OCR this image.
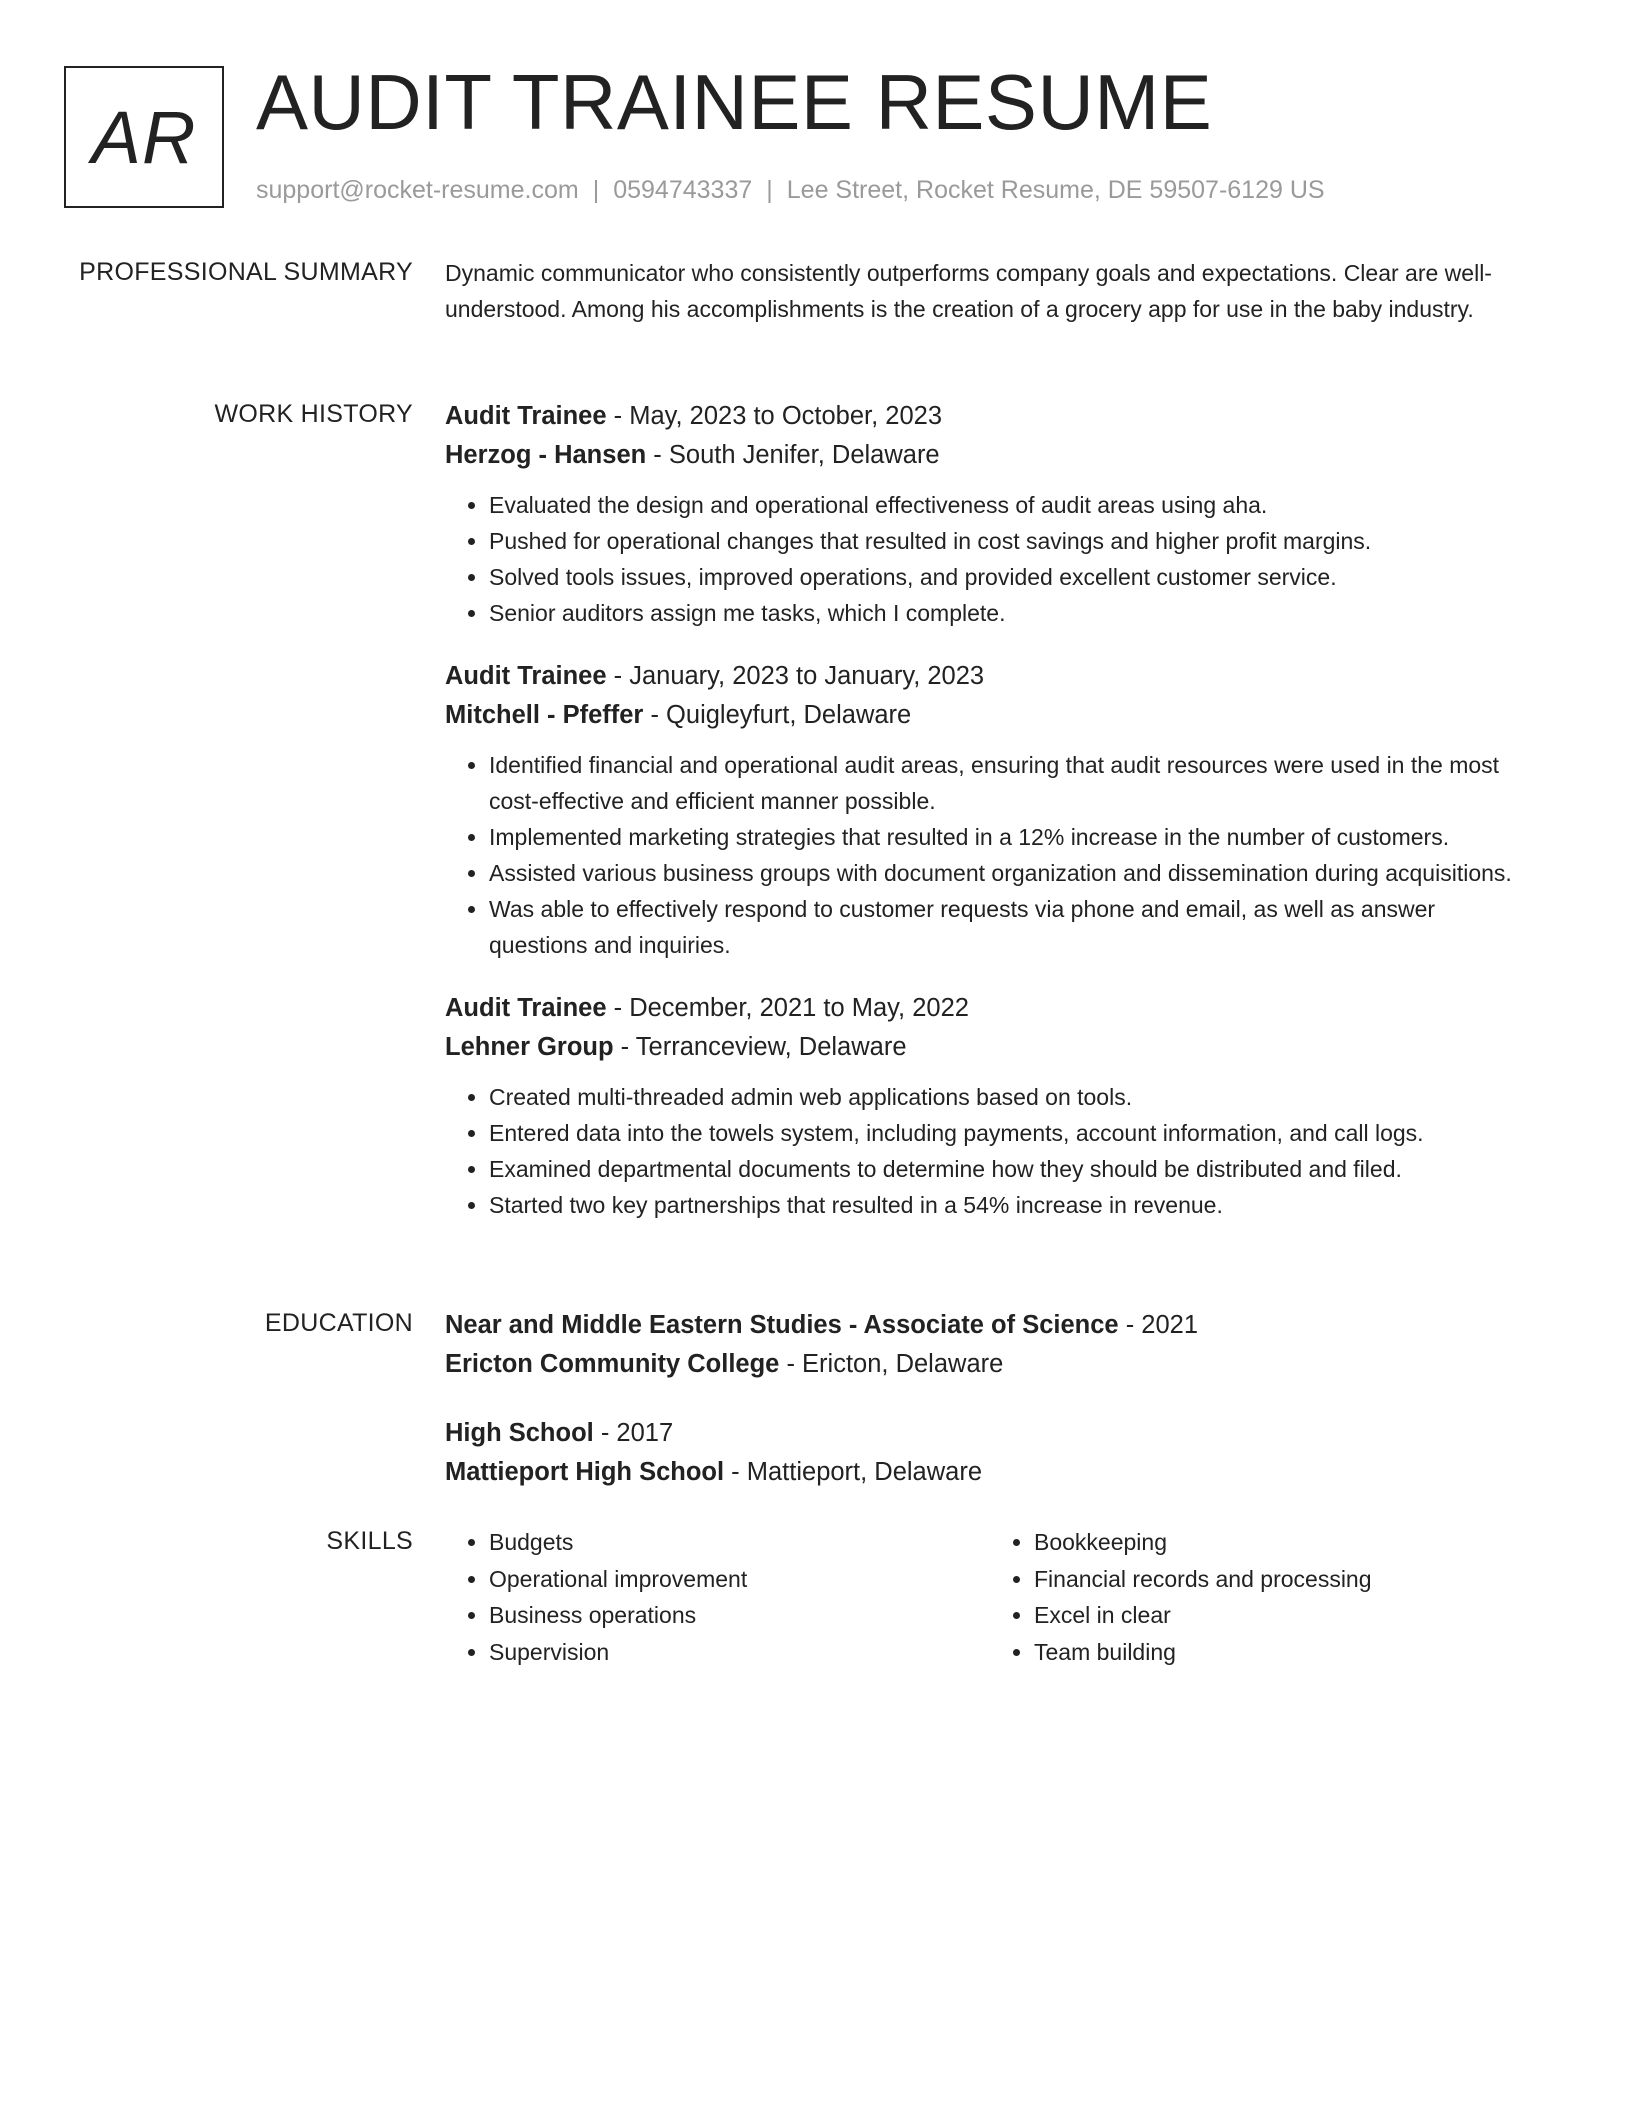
AR AUDIT TRAINEE RESUME
support@rocket-resume.com | 0594743337 | Lee Street, Rocket Resume, DE 59507-6129 US
PROFESSIONAL SUMMARY Dynamic communicator who consistently outperforms company goals and expectations. Clear are well-understood. Among his accomplishments is the creation of a grocery app for use in the baby industry.

WORK HISTORY Audit Trainee - May, 2023 to October, 2023
Herzog - Hansen - South Jenifer, Delaware
• Evaluated the design and operational effectiveness of audit areas using aha.
• Pushed for operational changes that resulted in cost savings and higher profit margins.
• Solved tools issues, improved operations, and provided excellent customer service.
• Senior auditors assign me tasks, which I complete.
Audit Trainee - January, 2023 to January, 2023
Mitchell - Pfeffer - Quigleyfurt, Delaware
• Identified financial and operational audit areas, ensuring that audit resources were used in the most cost-effective and efficient manner possible.
• Implemented marketing strategies that resulted in a 12% increase in the number of customers.
• Assisted various business groups with document organization and dissemination during acquisitions.
• Was able to effectively respond to customer requests via phone and email, as well as answer questions and inquiries.
Audit Trainee - December, 2021 to May, 2022
Lehner Group - Terranceview, Delaware
• Created multi-threaded admin web applications based on tools.
• Entered data into the towels system, including payments, account information, and call logs.
• Examined departmental documents to determine how they should be distributed and filed.
• Started two key partnerships that resulted in a 54% increase in revenue.
EDUCATION Near and Middle Eastern Studies - Associate of Science - 2021
Ericton Community College - Ericton, Delaware
High School - 2017
Mattieport High School - Mattieport, Delaware
SKILLS
•	Budgets
• Operational improvement
• Business operations
• Supervision
• Bookkeeping
• Financial records and processing
• Excel in clear
• Team building
